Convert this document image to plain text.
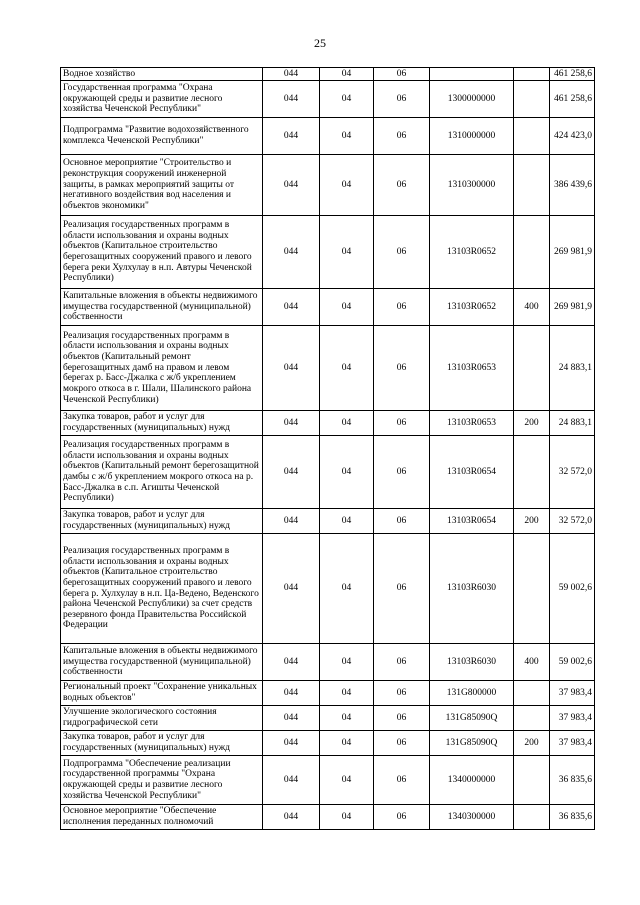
25
Водное хозяйство	044	04	06			461 258,6
Государственная программа "Охрана окружающей среды и развитие лесного хозяйства Чеченской Республики"	044	04	06	1300000000		461 258,6
Подпрограмма "Развитие водохозяйственного комплекса Чеченской Республики"	044	04	06	1310000000		424 423,0
Основное мероприятие "Строительство и реконструкция сооружений инженерной защиты, в рамках мероприятий защиты от негативного воздействия вод населения и объектов экономики"	044	04	06	1310300000		386 439,6
Реализация государственных программ в области использования и охраны водных объектов (Капитальное строительство берегозащитных сооружений правого и левого берега реки Хулхулау в н.п. Автуры Чеченской Республики)	044	04	06	13103R0652		269 981,9
Капитальные вложения в объекты недвижимого имущества государственной (муниципальной) собственности	044	04	06	13103R0652	400	269 981,9
Реализация государственных программ в области использования и охраны водных объектов (Капитальный ремонт берегозащитных дамб на правом и левом берегах р. Басс-Джалка с ж/б укреплением мокрого откоса в г. Шали, Шалинского района Чеченской Республики)	044	04	06	13103R0653		24 883,1
Закупка товаров, работ и услуг для государственных (муниципальных) нужд	044	04	06	13103R0653	200	24 883,1
Реализация государственных программ в области использования и охраны водных объектов (Капитальный ремонт берегозащитной дамбы с ж/б укреплением мокрого откоса на р. Басс-Джалка в с.п. Агишты Чеченской Республики)	044	04	06	13103R0654		32 572,0
Закупка товаров, работ и услуг для государственных (муниципальных) нужд	044	04	06	13103R0654	200	32 572,0
Реализация государственных программ в области использования и охраны водных объектов (Капитальное строительство берегозащитных сооружений правого и левого берега р. Хулхулау в н.п. Ца-Ведено, Веденского района Чеченской Республики) за счет средств резервного фонда Правительства Российской Федерации	044	04	06	13103R6030		59 002,6
Капитальные вложения в объекты недвижимого имущества государственной (муниципальной) собственности	044	04	06	13103R6030	400	59 002,6
Региональный проект "Сохранение уникальных водных объектов"	044	04	06	131G800000		37 983,4
Улучшение экологического состояния гидрографической сети	044	04	06	131G85090Q		37 983,4
Закупка товаров, работ и услуг для государственных (муниципальных) нужд	044	04	06	131G85090Q	200	37 983,4
Подпрограмма "Обеспечение реализации государственной программы "Охрана окружающей среды и развитие лесного хозяйства Чеченской Республики"	044	04	06	1340000000		36 835,6
Основное мероприятие "Обеспечение исполнения переданных полномочий	044	04	06	1340300000		36 835,6
